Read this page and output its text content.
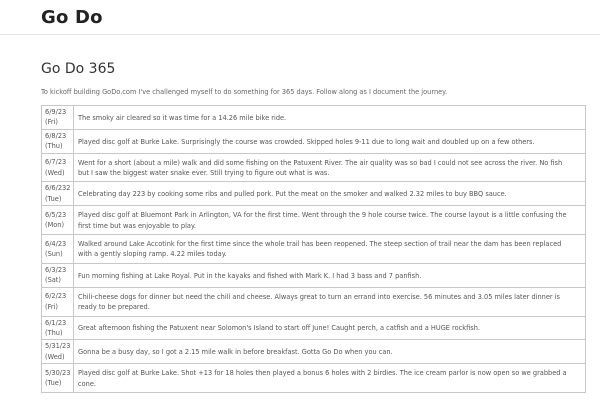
Go Do
Go Do 365

To kickoff building GoDo.com I've challenged myself to do something for 365 days. Follow along as I document the journey.

6/9/23
(Fri)	The smoky air cleared so it was time for a 14.26 mile bike ride.

6/8/23
(Thu)	Played disc golf at Burke Lake. Surprisingly the course was crowded. Skipped holes 9-11 due to long wait and doubled up on a few others.

6/7/23
(Wed)	Went for a short (about a mile) walk and did some fishing on the Patuxent River. The air quality was so bad I could not see across the river. No fish but I saw the biggest water snake ever. Still trying to figure out what is was.

6/6/232
(Tue)	Celebrating day 223 by cooking some ribs and pulled pork. Put the meat on the smoker and walked 2.32 miles to buy BBQ sauce.

6/5/23
(Mon)	Played disc golf at Bluemont Park in Arlington, VA for the first time. Went through the 9 hole course twice. The course layout is a little confusing the first time but was enjoyable to play.

6/4/23
(Sun)	Walked around Lake Accotink for the first time since the whole trail has been reopened. The steep section of trail near the dam has been replaced with a gently sloping ramp. 4.22 miles today.

6/3/23
(Sat)	Fun morning fishing at Lake Royal. Put in the kayaks and fished with Mark K. I had 3 bass and 7 panfish.

6/2/23
(Fri)	Chili-cheese dogs for dinner but need the chili and cheese. Always great to turn an errand into exercise. 56 minutes and 3.05 miles later dinner is ready to be prepared.

6/1/23
(Thu)	Great afternoon fishing the Patuxent near Solomon's Island to start off June! Caught perch, a catfish and a HUGE rockfish.

5/31/23
(Wed)	Gonna be a busy day, so I got a 2.15 mile walk in before breakfast. Gotta Go Do when you can.

5/30/23
(Tue)	Played disc golf at Burke Lake. Shot +13 for 18 holes then played a bonus 6 holes with 2 birdies. The ice cream parlor is now open so we grabbed a cone.
